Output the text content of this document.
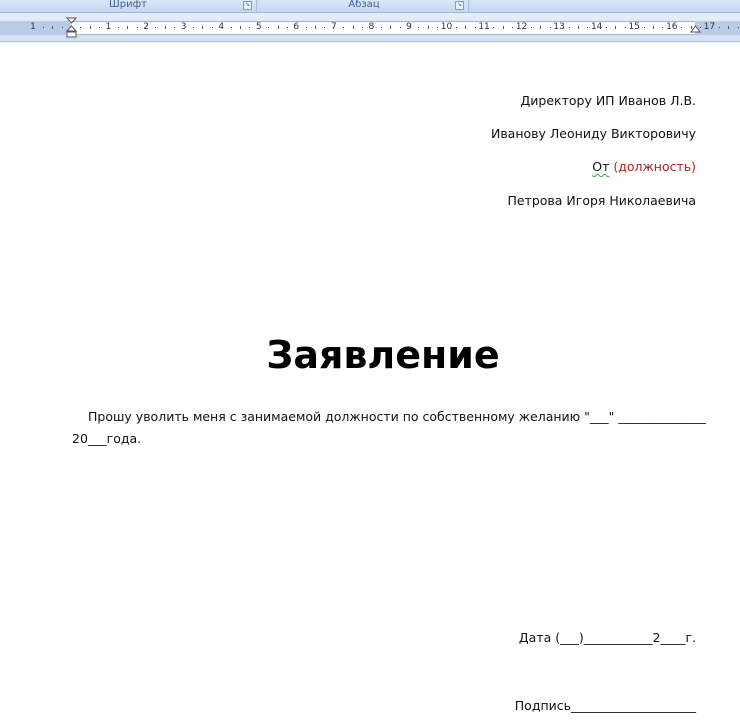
Шрифт	↘	Абзац	↘
1	1	2	3	4	5	6	7	8	9	10	11	12	13	14	15	16	17

Директору ИП Иванов Л.В.

Иванову Леониду Викторовичу

От (должность)

Петрова Игоря Николаевича

Заявление

Прошу уволить меня с занимаемой должности по собственному желанию "___" ______________

20___года.

Дата (___)___________2____г.

Подпись____________________
